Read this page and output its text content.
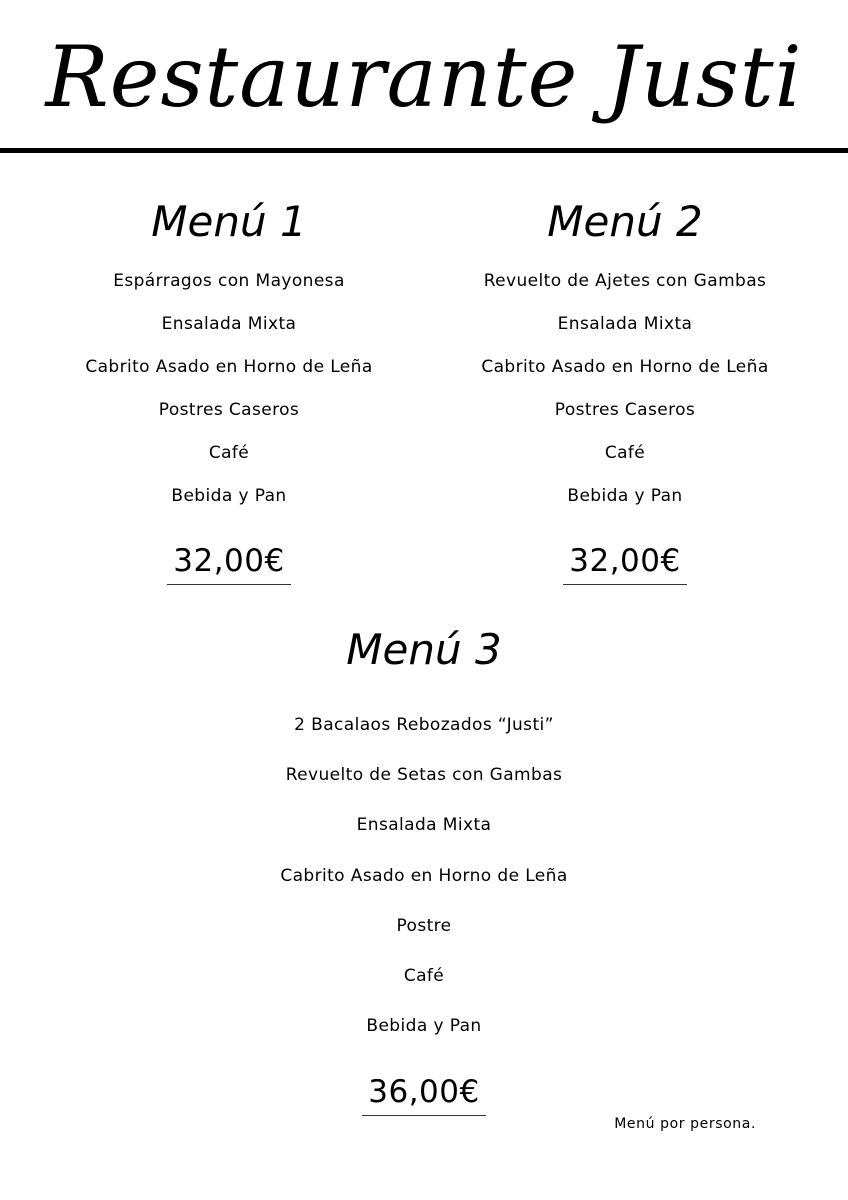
Restaurante Justi
Menú 1
Espárragos con Mayonesa
Ensalada Mixta
Cabrito Asado en Horno de Leña
Postres Caseros
Café
Bebida y Pan
32,00€
Menú 2
Revuelto de Ajetes con Gambas
Ensalada Mixta
Cabrito Asado en Horno de Leña
Postres Caseros
Café
Bebida y Pan
32,00€
Menú 3
2 Bacalaos Rebozados “Justi”
Revuelto de Setas con Gambas
Ensalada Mixta
Cabrito Asado en Horno de Leña
Postre
Café
Bebida y Pan
36,00€
Menú por persona.
